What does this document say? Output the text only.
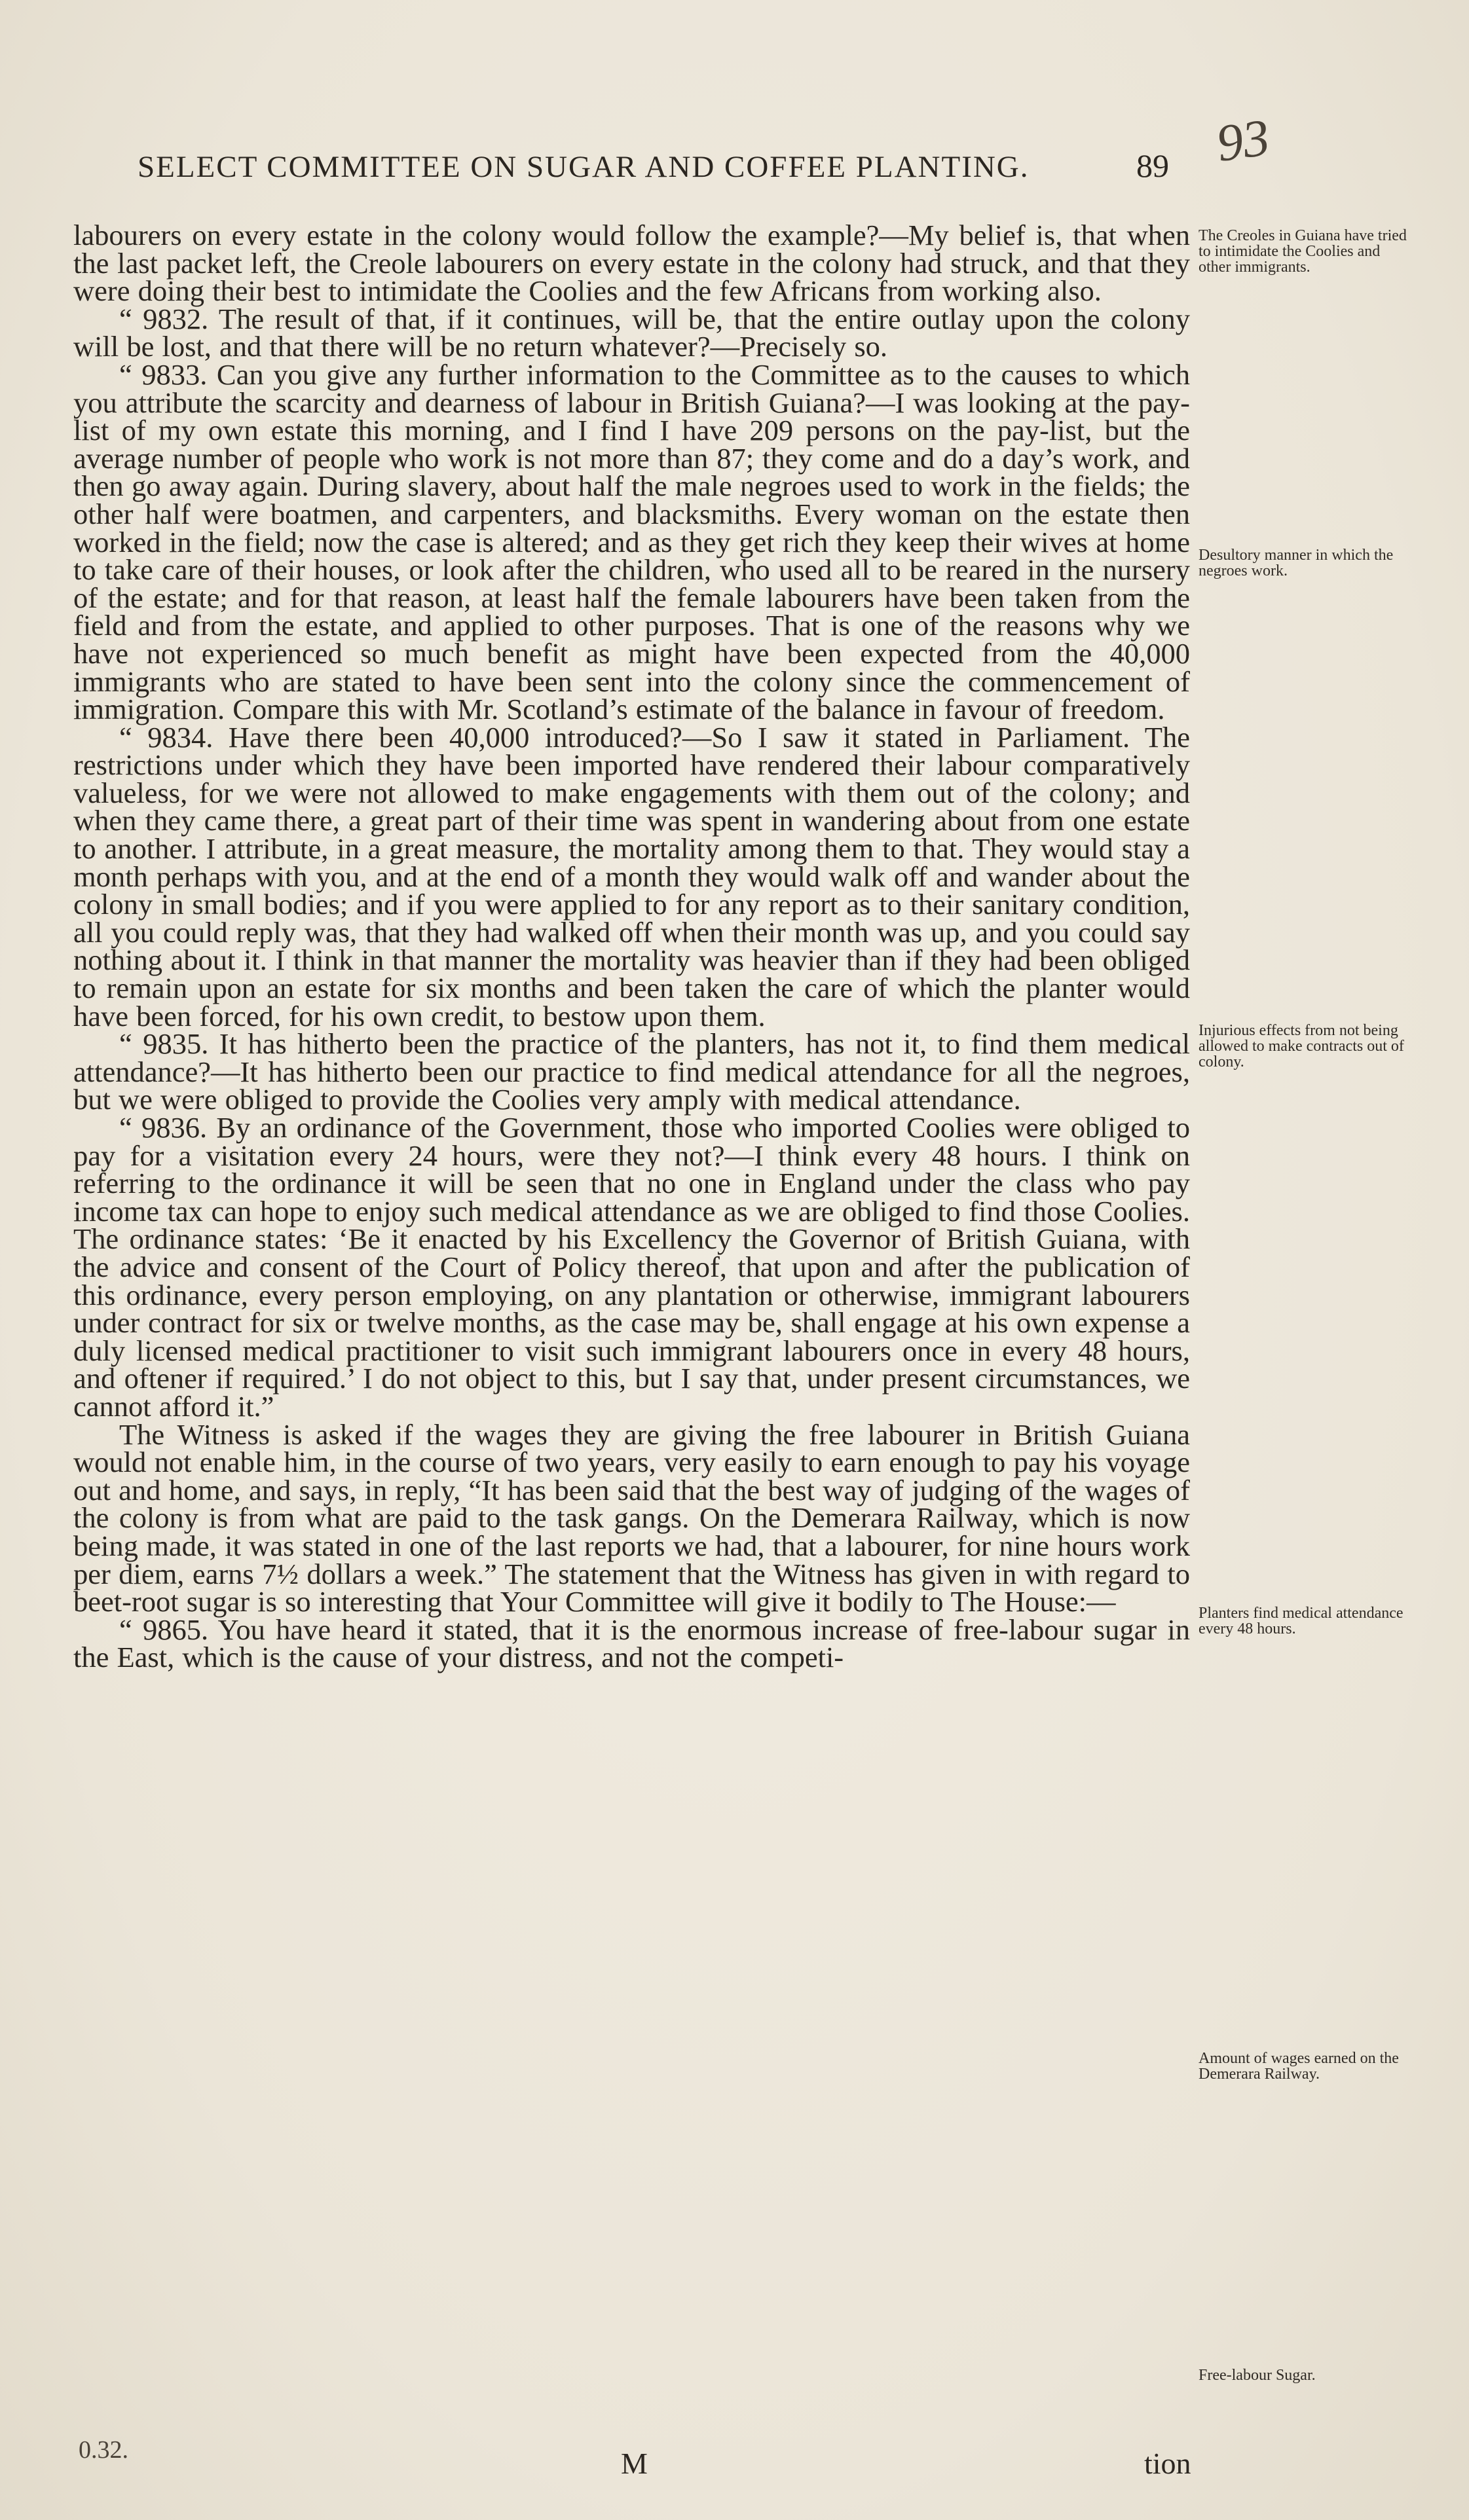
SELECT COMMITTEE ON SUGAR AND COFFEE PLANTING.	89 93

labourers on every estate in the colony would follow the example?—My belief is, that when the last packet left, the Creole labourers on every estate in the colony had struck, and that they were doing their best to intimidate the Coolies and the few Africans from working also.

“ 9832. The result of that, if it continues, will be, that the entire outlay upon the colony will be lost, and that there will be no return whatever?—Precisely so.

“ 9833. Can you give any further information to the Committee as to the causes to which you attribute the scarcity and dearness of labour in British Guiana?—I was looking at the pay-list of my own estate this morning, and I find I have 209 persons on the pay-list, but the average number of people who work is not more than 87; they come and do a day’s work, and then go away again. During slavery, about half the male negroes used to work in the fields; the other half were boatmen, and carpenters, and blacksmiths. Every woman on the estate then worked in the field; now the case is altered; and as they get rich they keep their wives at home to take care of their houses, or look after the children, who used all to be reared in the nursery of the estate; and for that reason, at least half the female labourers have been taken from the field and from the estate, and applied to other purposes. That is one of the reasons why we have not experienced so much benefit as might have been expected from the 40,000 immigrants who are stated to have been sent into the colony since the commencement of immigration. Compare this with Mr. Scotland’s estimate of the balance in favour of freedom.

“ 9834. Have there been 40,000 introduced?—So I saw it stated in Parliament. The restrictions under which they have been imported have rendered their labour comparatively valueless, for we were not allowed to make engagements with them out of the colony; and when they came there, a great part of their time was spent in wandering about from one estate to another. I attribute, in a great measure, the mortality among them to that. They would stay a month perhaps with you, and at the end of a month they would walk off and wander about the colony in small bodies; and if you were applied to for any report as to their sanitary condition, all you could reply was, that they had walked off when their month was up, and you could say nothing about it. I think in that manner the mortality was heavier than if they had been obliged to remain upon an estate for six months and been taken the care of which the planter would have been forced, for his own credit, to bestow upon them.

“ 9835. It has hitherto been the practice of the planters, has not it, to find them medical attendance?—It has hitherto been our practice to find medical attendance for all the negroes, but we were obliged to provide the Coolies very amply with medical attendance.

“ 9836. By an ordinance of the Government, those who imported Coolies were obliged to pay for a visitation every 24 hours, were they not?—I think every 48 hours. I think on referring to the ordinance it will be seen that no one in England under the class who pay income tax can hope to enjoy such medical attendance as we are obliged to find those Coolies. The ordinance states: ‘Be it enacted by his Excellency the Governor of British Guiana, with the advice and consent of the Court of Policy thereof, that upon and after the publication of this ordinance, every person employing, on any plantation or otherwise, immigrant labourers under contract for six or twelve months, as the case may be, shall engage at his own expense a duly licensed medical practitioner to visit such immigrant labourers once in every 48 hours, and oftener if required.’ I do not object to this, but I say that, under present circumstances, we cannot afford it.”

The Witness is asked if the wages they are giving the free labourer in British Guiana would not enable him, in the course of two years, very easily to earn enough to pay his voyage out and home, and says, in reply, “It has been said that the best way of judging of the wages of the colony is from what are paid to the task gangs. On the Demerara Railway, which is now being made, it was stated in one of the last reports we had, that a labourer, for nine hours work per diem, earns 7½ dollars a week.” The statement that the Witness has given in with regard to beet-root sugar is so interesting that Your Committee will give it bodily to The House:—

“ 9865. You have heard it stated, that it is the enormous increase of free-labour sugar in the East, which is the cause of your distress, and not the competi-

The Creoles in Guiana have tried to intimidate the Coolies and other immigrants.
Desultory manner in which the negroes work.
Injurious effects from not being allowed to make contracts out of colony.
Planters find medical attendance every 48 hours.
Amount of wages earned on the Demerara Railway.
Free-labour Sugar.
0.32.	M	tion
